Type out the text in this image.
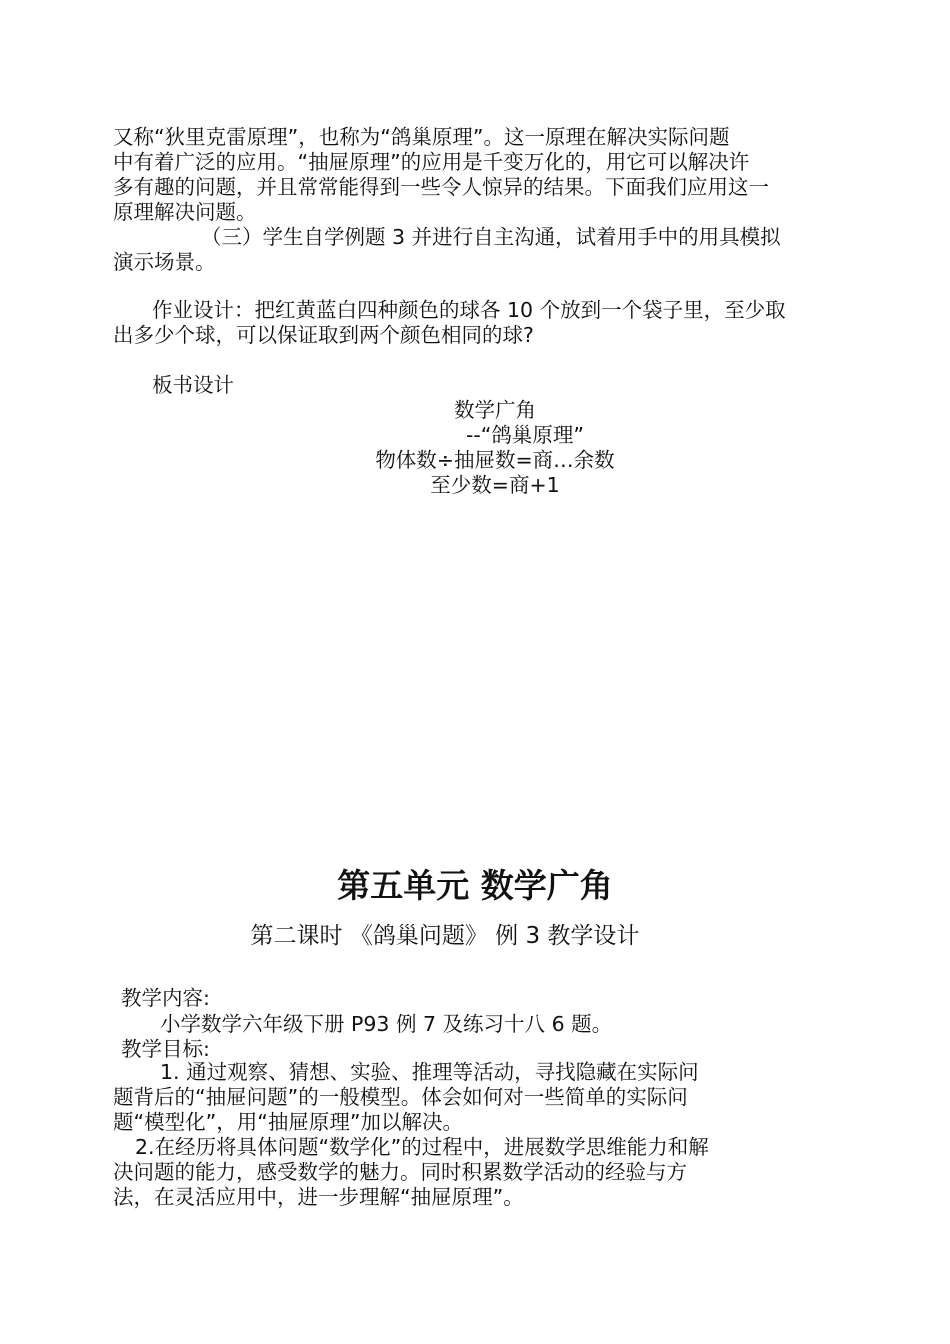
又称“狄里克雷原理”，也称为“鸽巢原理”。这一原理在解决实际问题
中有着广泛的应用。“抽屉原理”的应用是千变万化的，用它可以解决许
多有趣的问题，并且常常能得到一些令人惊异的结果。下面我们应用这一
原理解决问题。
（三）学生自学例题 3 并进行自主沟通，试着用手中的用具模拟
演示场景。
作业设计：把红黄蓝白四种颜色的球各 10 个放到一个袋子里，至少取
出多少个球，可以保证取到两个颜色相同的球?
板书设计
数学广角
--“鸽巢原理”
物体数÷抽屉数=商…余数
至少数=商+1
第五单元 数学广角
第二课时 《鸽巢问题》 例 3 教学设计
教学内容:
小学数学六年级下册 P93 例 7 及练习十八 6 题。
教学目标:
1. 通过观察、猜想、实验、推理等活动，寻找隐藏在实际问
题背后的“抽屉问题”的一般模型。体会如何对一些简单的实际问
题“模型化”，用“抽屉原理”加以解决。
2.在经历将具体问题“数学化”的过程中，进展数学思维能力和解
决问题的能力，感受数学的魅力。同时积累数学活动的经验与方
法，在灵活应用中，进一步理解“抽屉原理”。
